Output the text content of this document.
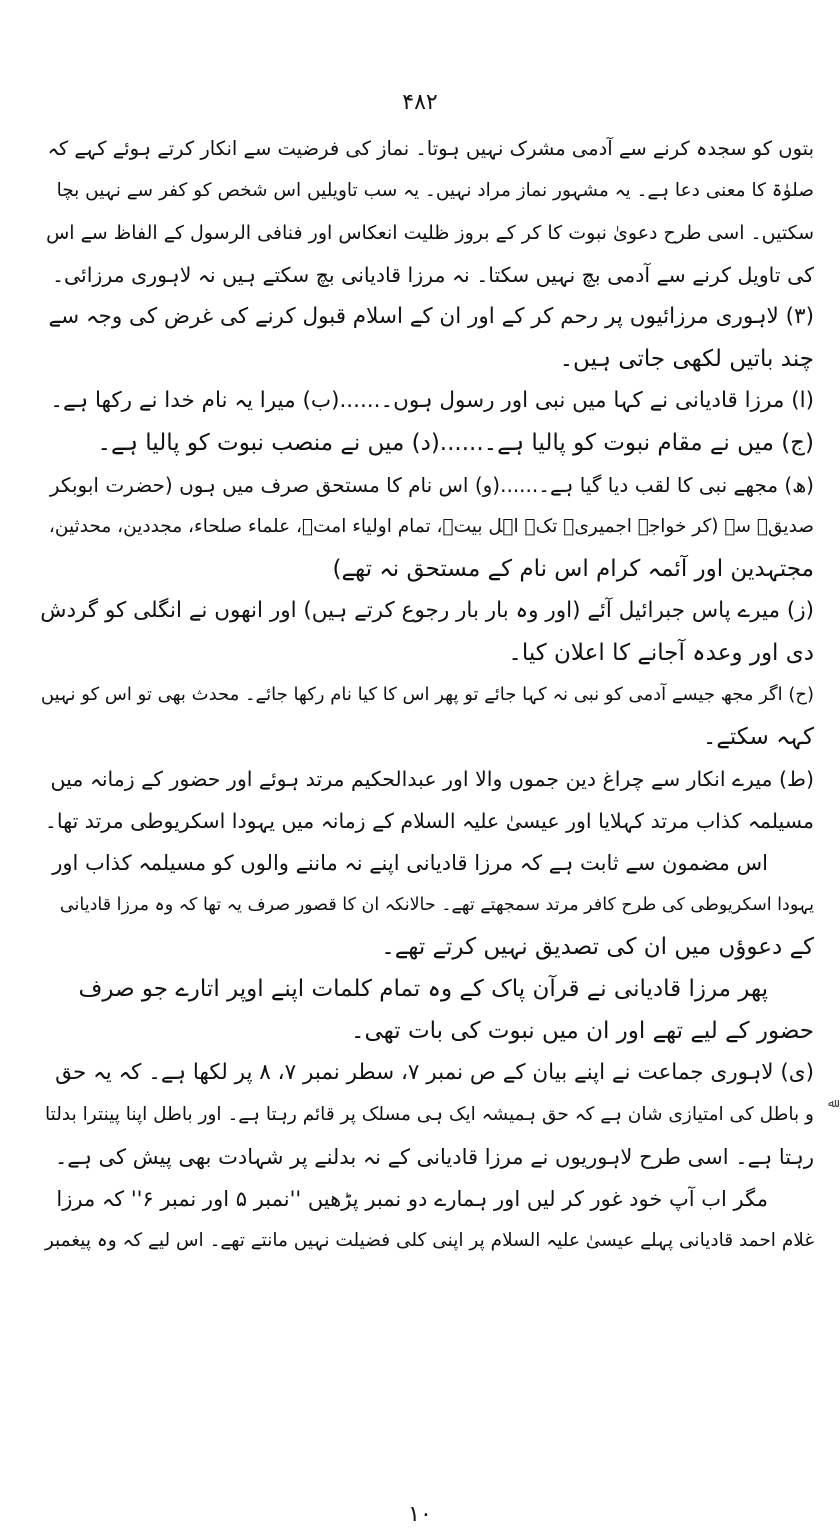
۴۸۲
بتوں کو سجدہ کرنے سے آدمی مشرک نہیں ہوتا۔ نماز کی فرضیت سے انکار کرتے ہوئے کہے کہ
صلوٰۃ کا معنی دعا ہے۔ یہ مشہور نماز مراد نہیں۔ یہ سب تاویلیں اس شخص کو کفر سے نہیں بچا
سکتیں۔ اسی طرح دعویٰ نبوت کا کر کے بروز ظلیت انعکاس اور فنافی الرسول کے الفاظ سے اس
کی تاویل کرنے سے آدمی بچ نہیں سکتا۔ نہ مرزا قادیانی بچ سکتے ہیں نہ لاہوری مرزائی۔
(۳) لاہوری مرزائیوں پر رحم کر کے اور ان کے اسلام قبول کرنے کی غرض کی وجہ سے
چند باتیں لکھی جاتی ہیں۔
(ا) مرزا قادیانی نے کہا میں نبی اور رسول ہوں۔......(ب) میرا یہ نام خدا نے رکھا ہے۔
(ج) میں نے مقام نبوت کو پالیا ہے۔......(د) میں نے منصب نبوت کو پالیا ہے۔
(ھ) مجھے نبی کا لقب دیا گیا ہے۔......(و) اس نام کا مستحق صرف میں ہوں (حضرت ابوبکر
صدیقؓ سے (کر خواجہ اجمیریؒ تک۔ اہل بیتؓ، تمام اولیاء امتؒ، علماء صلحاء، مجددین، محدثین،
مجتہدین اور آئمہ کرام اس نام کے مستحق نہ تھے)
(ز) میرے پاس جبرائیل آئے (اور وہ بار بار رجوع کرتے ہیں) اور انھوں نے انگلی کو گردش
دی اور وعدہ آجانے کا اعلان کیا۔
(ح) اگر مجھ جیسے آدمی کو نبی نہ کہا جائے تو پھر اس کا کیا نام رکھا جائے۔ محدث بھی تو اس کو نہیں
کہہ سکتے۔
(ط) میرے انکار سے چراغ دین جموں والا اور عبدالحکیم مرتد ہوئے اور حضور کے زمانہ میں
مسیلمہ کذاب مرتد کہلایا اور عیسیٰ علیہ السلام کے زمانہ میں یہودا اسکریوطی مرتد تھا۔
اس مضمون سے ثابت ہے کہ مرزا قادیانی اپنے نہ ماننے والوں کو مسیلمہ کذاب اور
یہودا اسکریوطی کی طرح کافر مرتد سمجھتے تھے۔ حالانکہ ان کا قصور صرف یہ تھا کہ وہ مرزا قادیانی
کے دعوؤں میں ان کی تصدیق نہیں کرتے تھے۔
پھر مرزا قادیانی نے قرآن پاک کے وہ تمام کلمات اپنے اوپر اتارے جو صرف
حضور کے لیے تھے اور ان میں نبوت کی بات تھی۔
(ی) لاہوری جماعت نے اپنے بیان کے ص نمبر ۷، سطر نمبر ۷، ۸ پر لکھا ہے۔ کہ یہ حق
و باطل کی امتیازی شان ہے کہ حق ہمیشہ ایک ہی مسلک پر قائم رہتا ہے۔ اور باطل اپنا پینترا بدلتا
رہتا ہے۔ اسی طرح لاہوریوں نے مرزا قادیانی کے نہ بدلنے پر شہادت بھی پیش کی ہے۔
مگر اب آپ خود غور کر لیں اور ہمارے دو نمبر پڑھیں ''نمبر ۵ اور نمبر ۶'' کہ مرزا
غلام احمد قادیانی پہلے عیسیٰ علیہ السلام پر اپنی کلی فضیلت نہیں مانتے تھے۔ اس لیے کہ وہ پیغمبر
ﷲ
۱۰
